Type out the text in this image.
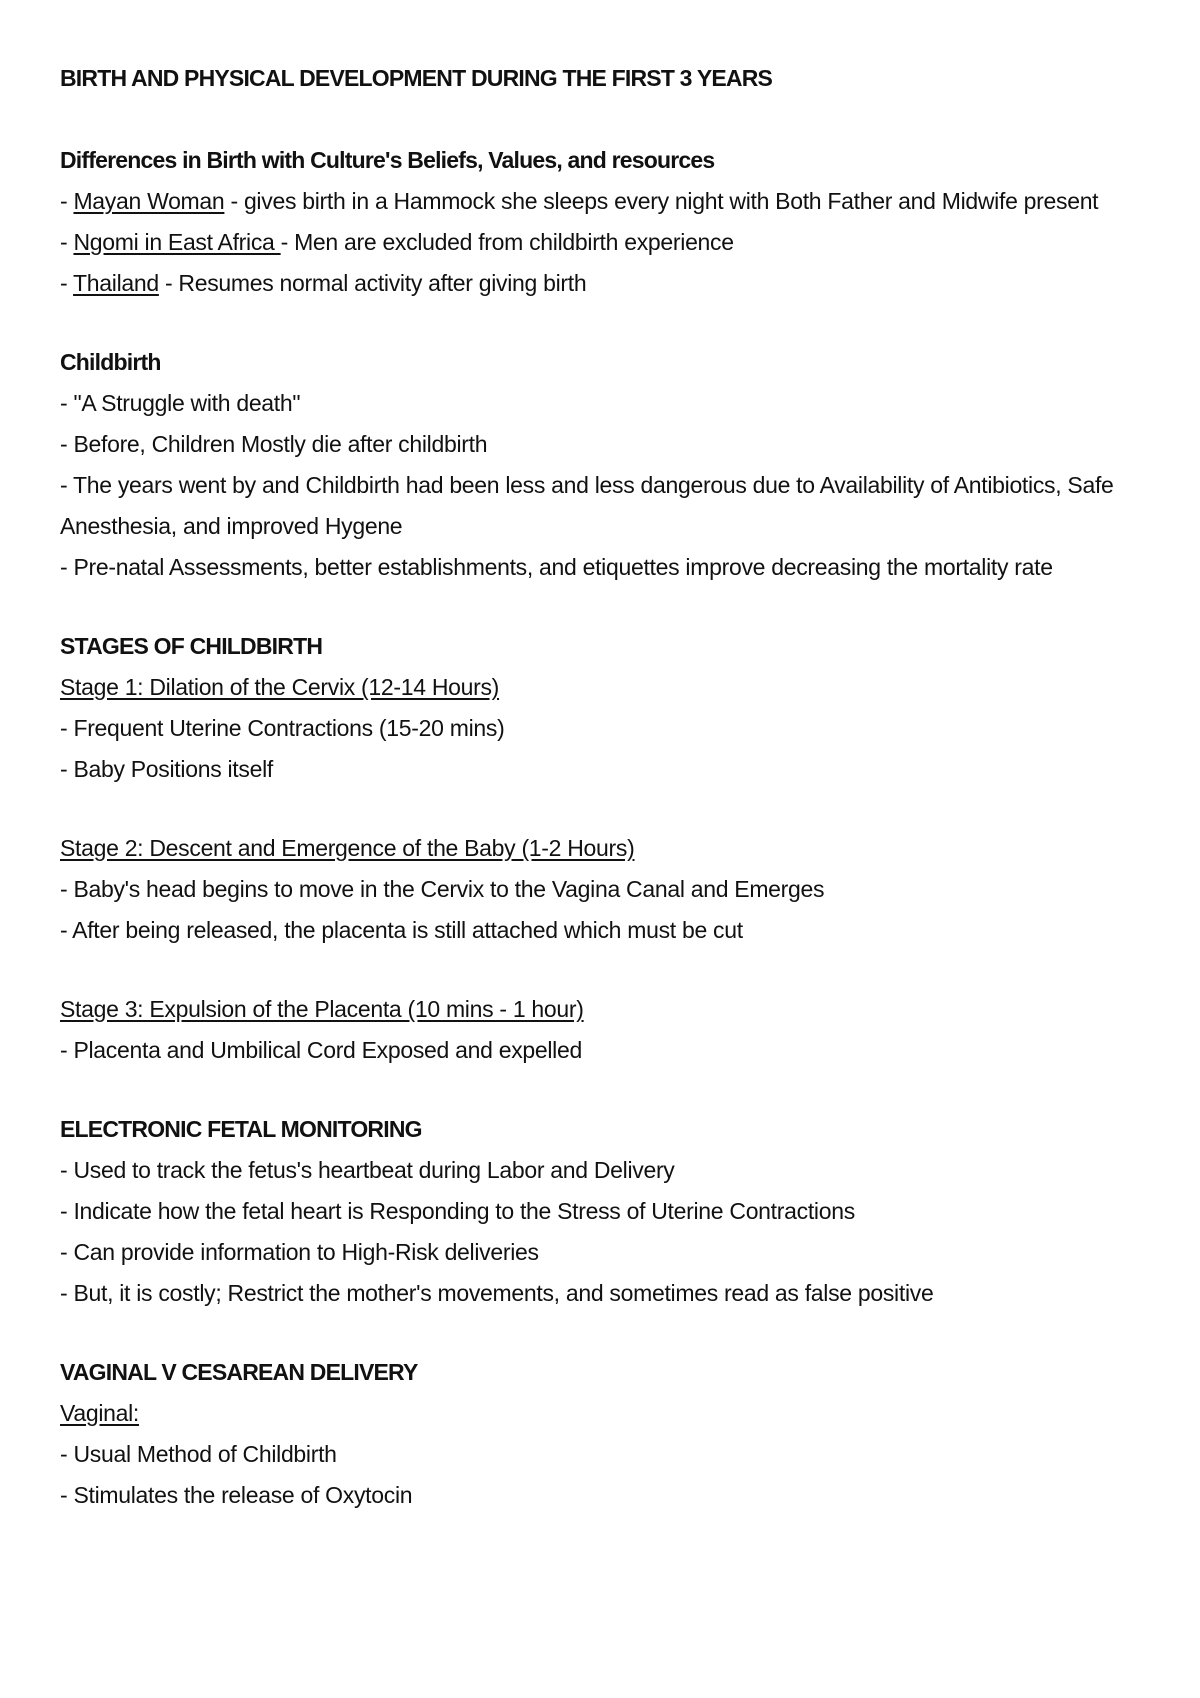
BIRTH AND PHYSICAL DEVELOPMENT DURING THE FIRST 3 YEARS

Differences in Birth with Culture's Beliefs, Values, and resources

- Mayan Woman - gives birth in a Hammock she sleeps every night with Both Father and Midwife present

- Ngomi in East Africa - Men are excluded from childbirth experience

- Thailand - Resumes normal activity after giving birth

Childbirth

- "A Struggle with death"

- Before, Children Mostly die after childbirth

- The years went by and Childbirth had been less and less dangerous due to Availability of Antibiotics, Safe Anesthesia, and improved Hygene

- Pre-natal Assessments, better establishments, and etiquettes improve decreasing the mortality rate

STAGES OF CHILDBIRTH

Stage 1: Dilation of the Cervix (12-14 Hours)

- Frequent Uterine Contractions (15-20 mins)

- Baby Positions itself

Stage 2: Descent and Emergence of the Baby (1-2 Hours)

- Baby's head begins to move in the Cervix to the Vagina Canal and Emerges

- After being released, the placenta is still attached which must be cut

Stage 3: Expulsion of the Placenta (10 mins - 1 hour)

- Placenta and Umbilical Cord Exposed and expelled

ELECTRONIC FETAL MONITORING

- Used to track the fetus's heartbeat during Labor and Delivery

- Indicate how the fetal heart is Responding to the Stress of Uterine Contractions

- Can provide information to High-Risk deliveries

- But, it is costly; Restrict the mother's movements, and sometimes read as false positive

VAGINAL V CESAREAN DELIVERY

Vaginal:

- Usual Method of Childbirth

- Stimulates the release of Oxytocin
